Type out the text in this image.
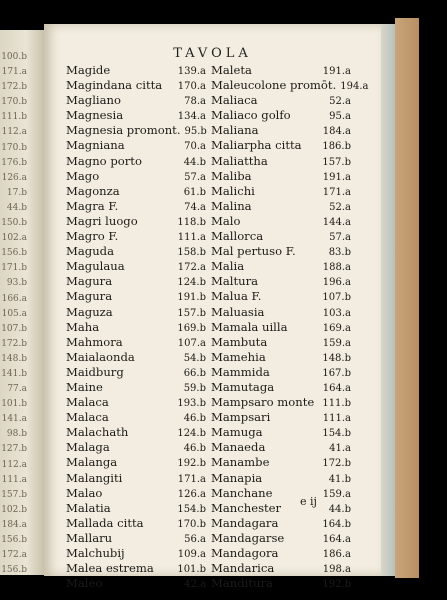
100.b
171.a
172.b
170.b
111.b
112.a
170.b
176.b
126.a
17.b
44.b
150.b
102.a
156.b
171.b
93.b
166.a
105.a
107.b
172.b
148.b
141.b
77.a
101.b
141.a
98.b
127.b
112.a
111.a
157.b
102.b
184.a
156.b
172.a
156.b
TAVOLA
Magide	139.a
Magindana citta	170.a
Magliano	78.a
Magnesia	134.a
Magnesia promont. 95.b
Magniana	70.a
Magno porto	44.b
Mago	57.a
Magonza	61.b
Magra F.	74.a
Magri luogo	118.b
Magro F.	111.a
Maguda	158.b
Magulaua	172.a
Magura	124.b
Magura	191.b
Maguza	157.b
Maha	169.b
Mahmora	107.a
Maialaonda	54.b
Maidburg	66.b
Maine	59.b
Malaca	193.b
Malaca	46.b
Malachath	124.b
Malaga	46.b
Malanga	192.b
Malangiti	171.a
Malao	126.a
Malatia	154.b
Mallada citta	170.b
Mallaru	56.a
Malchubij	109.a
Malea estrema	101.b
Maleo	42.a
Maleta	191.a
Maleucolone promōt. 194.a
Maliaca	52.a
Maliaco golfo	95.a
Maliana	184.a
Maliarpha citta	186.b
Maliattha	157.b
Maliba	191.a
Malichi	171.a
Malina	52.a
Malo	144.a
Mallorca	57.a
Mal pertuso F.	83.b
Malia	188.a
Maltura	196.a
Malua F.	107.b
Maluasia	103.a
Mamala uilla	169.a
Mambuta	159.a
Mamehia	148.b
Mammida	167.b
Mamutaga	164.a
Mampsaro monte 111.b
Mampsari	111.a
Mamuga	154.b
Manaeda	41.a
Manambe	172.b
Manapia	41.b
Manchane	159.a
Manchester	44.b
Mandagara	164.b
Mandagarse	164.a
Mandagora	186.a
Mandarica	198.a
Manditura	192.b
e ij
